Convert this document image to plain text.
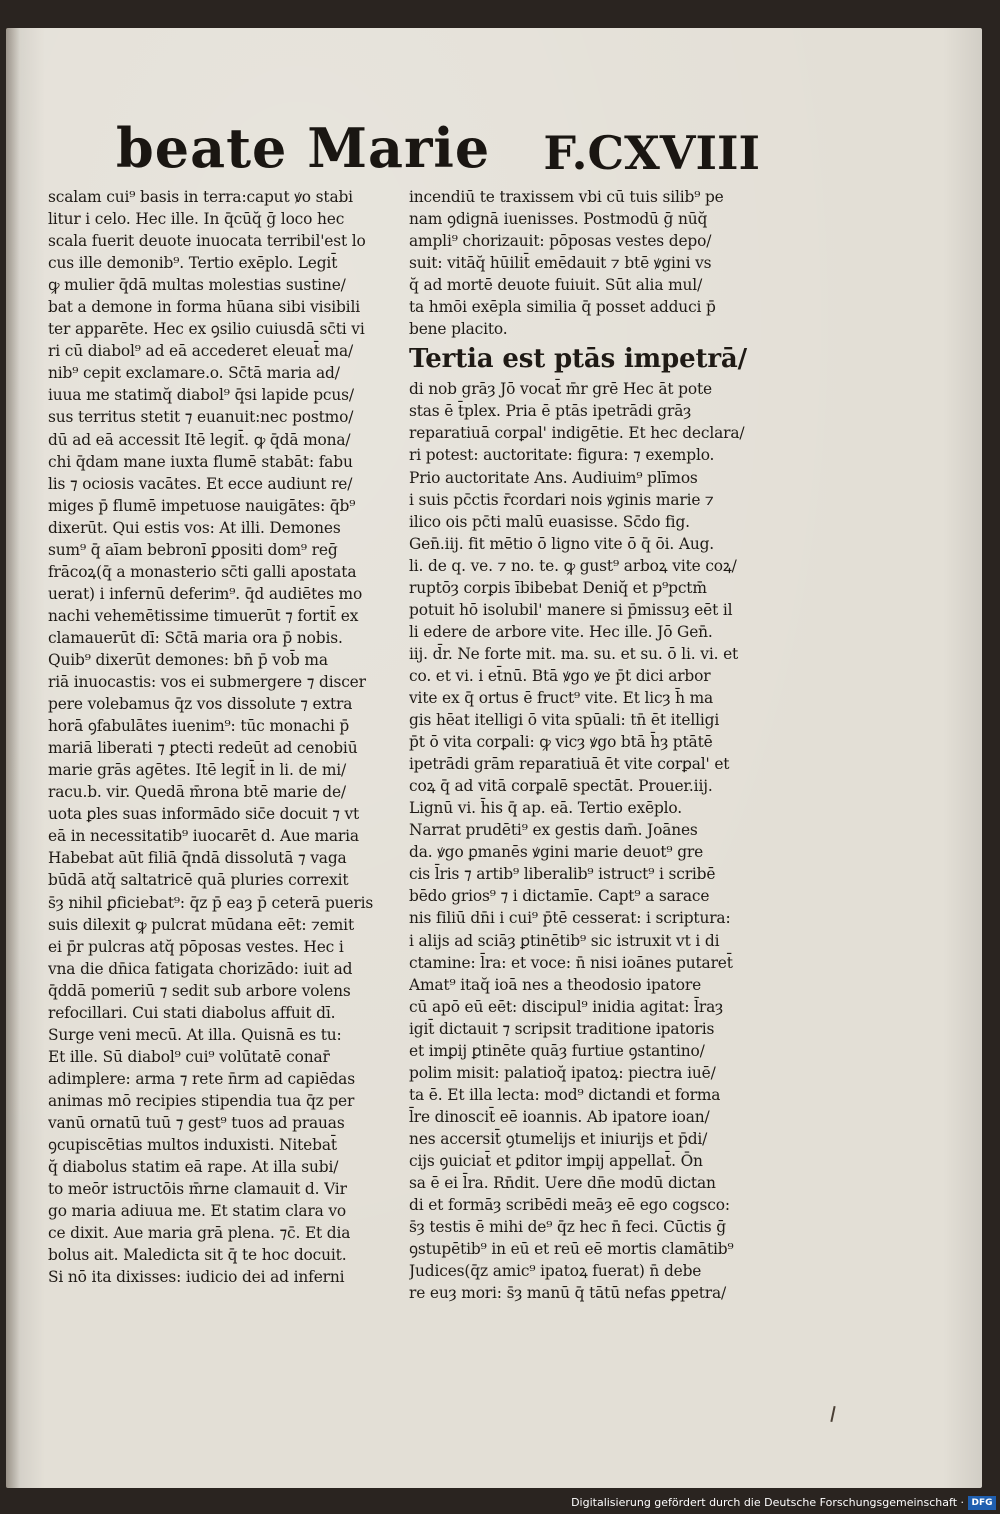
beate Marie F.CXVIII
scalam cui⁹ basis in terra:caput ꝟo stabi
litur i celo. Hec ille. In q̄cūq̆ ḡ loco hec
scala fuerit deuote inuocata terribil'est lo
cus ille demonib⁹. Tertio exēplo. Legit̄
ꝙ mulier q̄dā multas molestias sustine/
bat a demone in forma hūana sibi visibili
ter apparēte. Hec ex ꝯsilio cuiusdā sc̄ti vi
ri cū diabol⁹ ad eā accederet eleuat̄ ma/
nib⁹ cepit exclamare.o. Sc̄tā maria ad/
iuua me statimq̆ diabol⁹ q̄si lapide pcus/
sus territus stetit ⁊ euanuit:nec postmo/
dū ad eā accessit Itē legit̄. ꝙ q̄dā mona/
chi q̄dam mane iuxta flumē stabāt: fabu
lis ⁊ ociosis vacātes. Et ecce audiunt re/
miges p̄ flumē impetuose nauigātes: q̄b⁹
dixerūt. Qui estis vos: At illi. Demones
sum⁹ q̄ aīam bebronī ꝑpositi dom⁹ reḡ
frācoꝝ(q̄ a monasterio sc̄ti galli apostata
uerat) i infernū deferim⁹. q̄d audiētes mo
nachi vehemētissime timuerūt ⁊ fortit̄ ex
clamauerūt dī: Sc̄tā maria ora p̄ nobis.
Quib⁹ dixerūt demones: bn̄ p̄ vob̄ ma
riā inuocastis: vos ei submergere ⁊ discer
pere volebamus q̄z vos dissolute ⁊ extra
horā ꝯfabulātes iuenim⁹: tūc monachi p̄
mariā liberati ⁊ ꝑtecti redeūt ad cenobiū
marie grās agētes. Itē legit̄ in li. de mi/
racu.b. vir. Quedā m̄rona btē marie de/
uota ꝑles suas informādo sic̄e docuit ⁊ vt
eā in necessitatib⁹ iuocarēt d. Aue maria
Habebat aūt filiā q̄ndā dissolutā ⁊ vaga
būdā atq̆ saltatricē quā pluries correxit
s̄ȝ nihil ꝑficiebat⁹: q̄z p̄ eaȝ p̄ ceterā pueris
suis dilexit ꝙ pulcrat mūdana eēt: ⁊emit
ei p̄r pulcras atq̆ pōposas vestes. Hec i
vna die dn̄ica fatigata chorizādo: iuit ad
q̄ddā pomeriū ⁊ sedit sub arbore volens
refocillari. Cui stati diabolus affuit dī.
Surge veni mecū. At illa. Quisnā es tu:
Et ille. Sū diabol⁹ cui⁹ volūtatē conar̄
adimplere: arma ⁊ rete n̄rm ad capiēdas
animas mō recipies stipendia tua q̄z per
vanū ornatū tuū ⁊ gest⁹ tuos ad prauas
ꝯcupiscētias multos induxisti. Nitebat̄
q̆ diabolus statim eā rape. At illa subi/
to meōr istructōis m̄rne clamauit d. Vir
go maria adiuua me. Et statim clara vo
ce dixit. Aue maria grā plena. ⁊c̄. Et dia
bolus ait. Maledicta sit q̄ te hoc docuit.
Si nō ita dixisses: iudicio dei ad inferni
incendiū te traxissem vbi cū tuis silib⁹ pe
nam ꝯdignā iuenisses. Postmodū ḡ nūq̆
ampli⁹ chorizauit: pōposas vestes depo/
suit: vitāq̆ hūilit̄ emēdauit ⁊ btē ꝟgini vs
q̆ ad mortē deuote fuiuit. Sūt alia mul/
ta hmōi exēpla similia q̄ posset adduci p̄
bene placito.
Tertia est ptās impetrā/
di nob grāȝ Jō vocat̄ m̄r grē Hec āt pote
stas ē t̄plex. Pria ē ptās ipetrādi grāȝ
reparatiuā corꝑal' indigētie. Et hec declara/
ri potest: auctoritate: figura: ⁊ exemplo.
Prio auctoritate Ans. Audiuim⁹ plīmos
i suis pc̄ctis r̄cordari nois ꝟginis marie ⁊
ilico ois pc̄ti malū euasisse. Sc̄do fig.
Gen̄.iij. fit mētio ō ligno vite ō q̄ ōi. Aug.
li. de q. ve. ⁊ no. te. ꝙ gust⁹ arboꝝ vite coꝝ/
ruptōȝ corꝑis ībibebat Deniq̆ et p⁹pctm̄
potuit hō isolubil' manere si p̄missuȝ eēt il
li edere de arbore vite. Hec ille. Jō Gen̄.
iij. d̄r. Ne forte mit. ma. su. et su. ō li. vi. et
co. et vi. i et̄nū. Btā ꝟgo ꝟe p̄t dici arbor
vite ex q̄ ortus ē fruct⁹ vite. Et licȝ h̄ ma
gis hēat itelligi ō vita spūali: tn̄ ēt itelligi
p̄t ō vita corꝑali: ꝙ vicȝ ꝟgo btā h̄ȝ ptātē
ipetrādi grām reparatiuā ēt vite corꝑal' et
coꝝ q̄ ad vitā corꝑalē spectāt. Prouer.iij.
Lignū vi. h̄is q̄ ap. eā. Tertio exēplo.
Narrat prudēti⁹ ex gestis dam̄. Joānes
da. ꝟgo ꝑmanēs ꝟgini marie deuot⁹ gre
cis l̄ris ⁊ artib⁹ liberalib⁹ istruct⁹ i scribē
bēdo grios⁹ ⁊ i dictamīe. Capt⁹ a sarace
nis filiū dn̄i i cui⁹ p̄tē cesserat: i scriptura:
i alijs ad sciāȝ ꝑtinētib⁹ sic istruxit vt i di
ctamine: l̄ra: et voce: n̄ nisi ioānes putaret̄
Amat⁹ itaq̆ ioā nes a theodosio ipatore
cū apō eū eēt: discipul⁹ inidia agitat: l̄raȝ
igit̄ dictauit ⁊ scripsit traditione ipatoris
et imꝑij ꝑtinēte quāȝ furtiue ꝯstantino/
polim misit: palatioq̆ ipatoꝝ: piectra iuē/
ta ē. Et illa lecta: mod⁹ dictandi et forma
l̄re dinoscit̄ eē ioannis. Ab ipatore ioan/
nes accersit̄ ꝯtumelijs et iniurijs et p̄di/
cijs ꝯuiciat̄ et ꝑditor imꝑij appellat̄. Ōn
sa ē ei l̄ra. Rn̄dit. Uere dn̄e modū dictan
di et formāȝ scribēdi meāȝ eē ego cogsco:
s̄ȝ testis ē mihi de⁹ q̄z hec n̄ feci. Cūctis ḡ
ꝯstupētib⁹ in eū et reū eē mortis clamātib⁹
Judices(q̄z amic⁹ ipatoꝝ fuerat) n̄ debe
re euȝ mori: s̄ȝ manū q̄ tātū nefas ꝑpetra/
Digitalisierung gefördert durch die Deutsche Forschungsgemeinschaft · DFG
